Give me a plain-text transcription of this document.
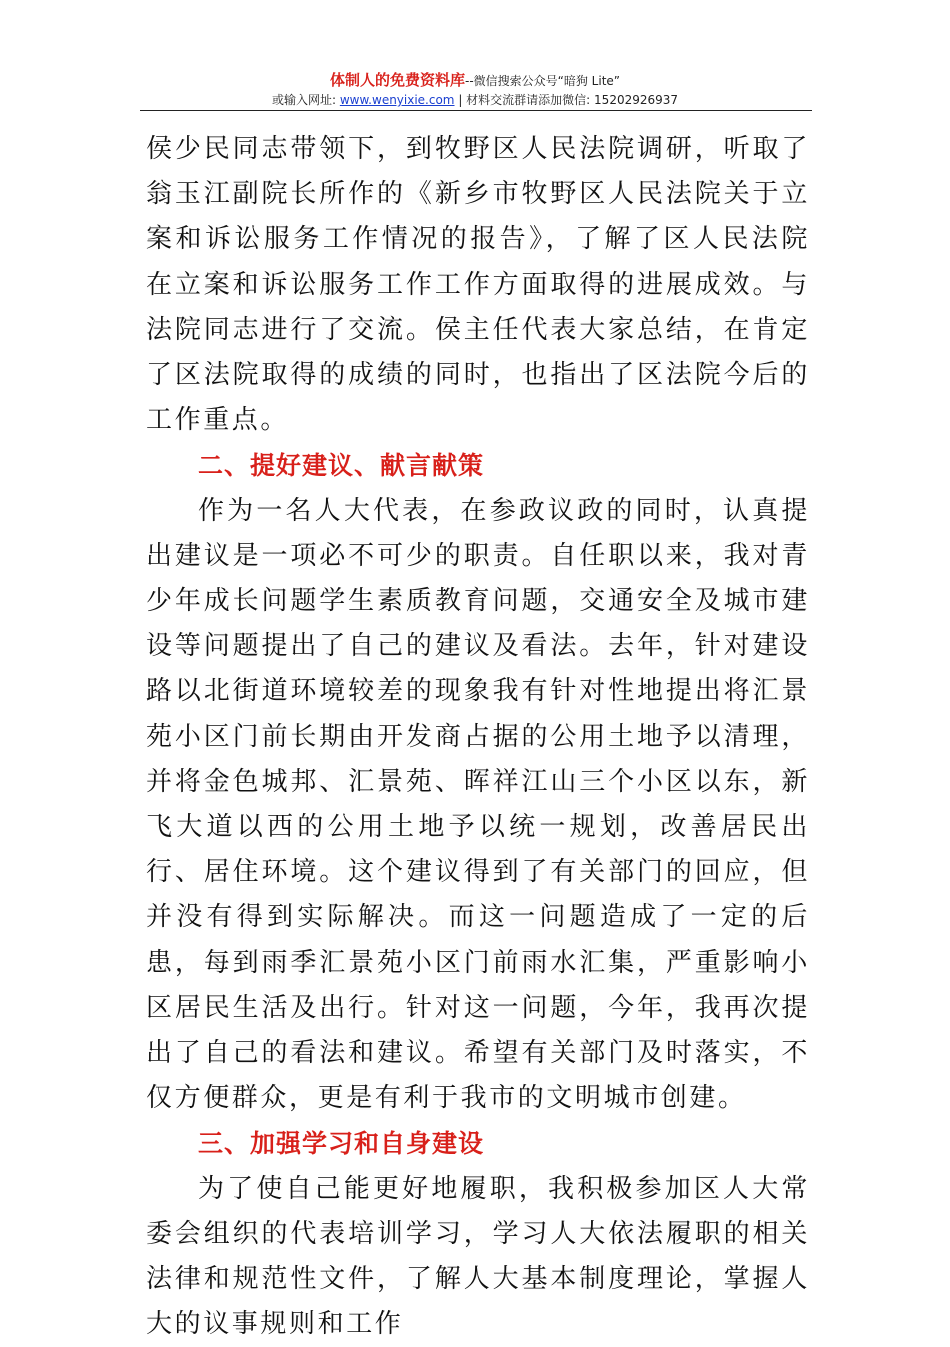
体制人的免费资料库--微信搜索公众号“暗狗 Lite”
或输入网址: www.wenyixie.com | 材料交流群请添加微信: 15202926937

侯少民同志带领下，到牧野区人民法院调研，听取了翁玉江副院长所作的《新乡市牧野区人民法院关于立案和诉讼服务工作情况的报告》，了解了区人民法院在立案和诉讼服务工作工作方面取得的进展成效。与法院同志进行了交流。侯主任代表大家总结，在肯定了区法院取得的成绩的同时，也指出了区法院今后的工作重点。

二、提好建议、献言献策

作为一名人大代表，在参政议政的同时，认真提出建议是一项必不可少的职责。自任职以来，我对青少年成长问题学生素质教育问题，交通安全及城市建设等问题提出了自己的建议及看法。去年，针对建设路以北街道环境较差的现象我有针对性地提出将汇景苑小区门前长期由开发商占据的公用土地予以清理，并将金色城邦、汇景苑、晖祥江山三个小区以东，新飞大道以西的公用土地予以统一规划，改善居民出行、居住环境。这个建议得到了有关部门的回应，但并没有得到实际解决。而这一问题造成了一定的后患，每到雨季汇景苑小区门前雨水汇集，严重影响小区居民生活及出行。针对这一问题，今年，我再次提出了自己的看法和建议。希望有关部门及时落实，不仅方便群众，更是有利于我市的文明城市创建。

三、加强学习和自身建设

为了使自己能更好地履职，我积极参加区人大常委会组织的代表培训学习，学习人大依法履职的相关法律和规范性文件，了解人大基本制度理论，掌握人大的议事规则和工作
